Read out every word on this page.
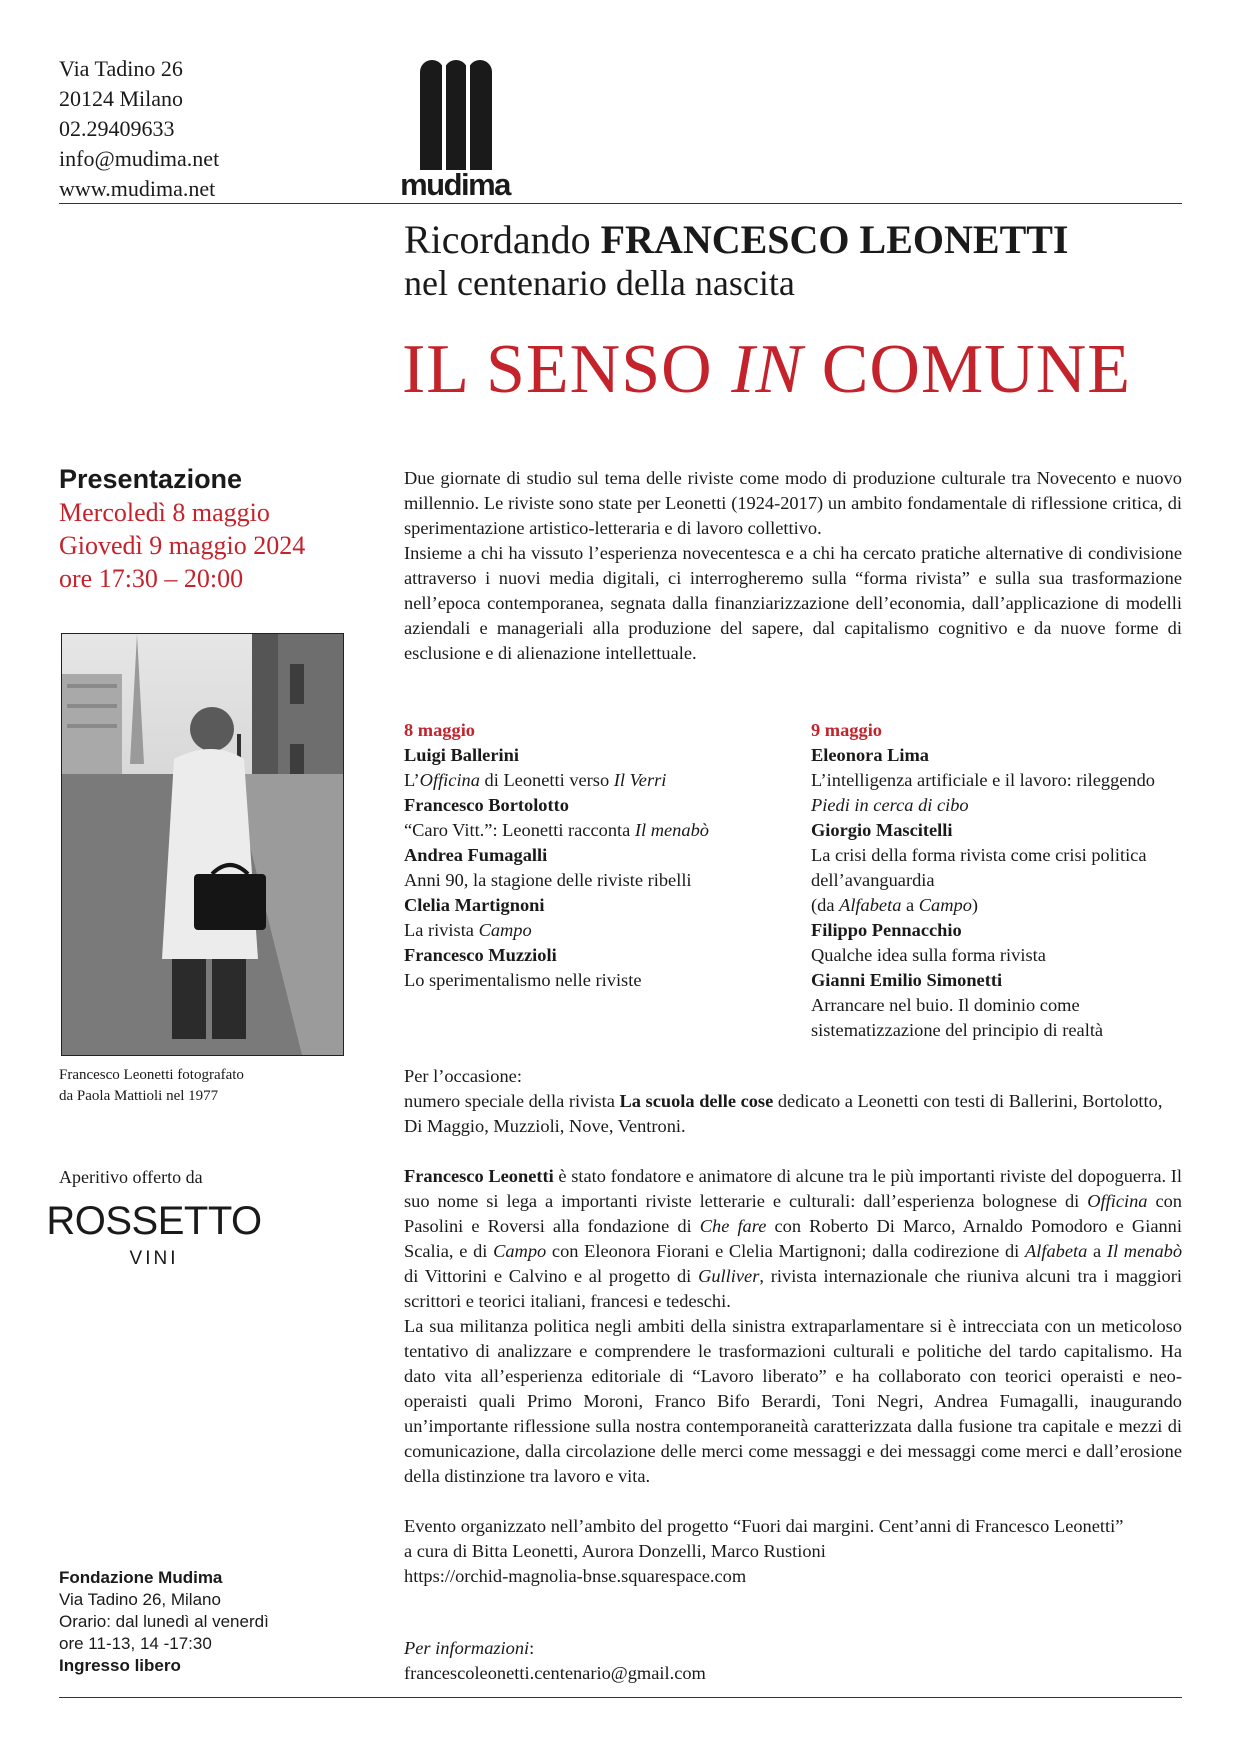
Via Tadino 26
20124 Milano
02.29409633
info@mudima.net
www.mudima.net	mudima
Ricordando FRANCESCO LEONETTI
nel centenario della nascita
IL SENSO IN COMUNE
Presentazione
Mercoledì 8 maggio
Giovedì 9 maggio 2024
ore 17:30 – 20:00
Francesco Leonetti fotografato
da Paola Mattioli nel 1977
Aperitivo offerto da
ROSSETTO
VINI
Fondazione Mudima
Via Tadino 26, Milano
Orario: dal lunedì al venerdì
ore 11-13, 14 -17:30
Ingresso libero

Due giornate di studio sul tema delle riviste come modo di produzione culturale tra Novecento e nuovo millennio. Le riviste sono state per Leonetti (1924-2017) un ambito fondamentale di riflessione critica, di sperimentazione artistico-letteraria e di lavoro collettivo.

Insieme a chi ha vissuto l’esperienza novecentesca e a chi ha cercato pratiche alternative di condivisione attraverso i nuovi media digitali, ci interrogheremo sulla “forma rivista” e sulla sua trasformazione nell’epoca contemporanea, segnata dalla finanziarizzazione dell’economia, dall’applicazione di modelli aziendali e manageriali alla produzione del sapere, dal capitalismo cognitivo e da nuove forme di esclusione e di alienazione intellettuale.

8 maggio
Luigi Ballerini
L’Officina di Leonetti verso Il Verri
Francesco Bortolotto
“Caro Vitt.”: Leonetti racconta Il menabò
Andrea Fumagalli
Anni 90, la stagione delle riviste ribelli
Clelia Martignoni
La rivista Campo
Francesco Muzzioli
Lo sperimentalismo nelle riviste
9 maggio
Eleonora Lima
L’intelligenza artificiale e il lavoro: rileggendo
Piedi in cerca di cibo
Giorgio Mascitelli
La crisi della forma rivista come crisi politica
dell’avanguardia
(da Alfabeta a Campo)
Filippo Pennacchio
Qualche idea sulla forma rivista
Gianni Emilio Simonetti
Arrancare nel buio. Il dominio come
sistematizzazione del principio di realtà
Per l’occasione:
numero speciale della rivista La scuola delle cose dedicato a Leonetti con testi di Ballerini, Bortolotto, Di Maggio, Muzzioli, Nove, Ventroni.

Francesco Leonetti è stato fondatore e animatore di alcune tra le più importanti riviste del dopoguerra. Il suo nome si lega a importanti riviste letterarie e culturali: dall’esperienza bolognese di Officina con Pasolini e Roversi alla fondazione di Che fare con Roberto Di Marco, Arnaldo Pomodoro e Gianni Scalia, e di Campo con Eleonora Fiorani e Clelia Martignoni; dalla codirezione di Alfabeta a Il menabò di Vittorini e Calvino e al progetto di Gulliver, rivista internazionale che riuniva alcuni tra i maggiori scrittori e teorici italiani, francesi e tedeschi.

La sua militanza politica negli ambiti della sinistra extraparlamentare si è intrecciata con un meticoloso tentativo di analizzare e comprendere le trasformazioni culturali e politiche del tardo capitalismo. Ha dato vita all’esperienza editoriale di “Lavoro liberato” e ha collaborato con teorici operaisti e neo-operaisti quali Primo Moroni, Franco Bifo Berardi, Toni Negri, Andrea Fumagalli, inaugurando un’importante riflessione sulla nostra contemporaneità caratterizzata dalla fusione tra capitale e mezzi di comunicazione, dalla circolazione delle merci come messaggi e dei messaggi come merci e dall’erosione della distinzione tra lavoro e vita.

Evento organizzato nell’ambito del progetto “Fuori dai margini. Cent’anni di Francesco Leonetti”
a cura di Bitta Leonetti, Aurora Donzelli, Marco Rustioni
https://orchid-magnolia-bnse.squarespace.com
Per informazioni:
francescoleonetti.centenario@gmail.com
